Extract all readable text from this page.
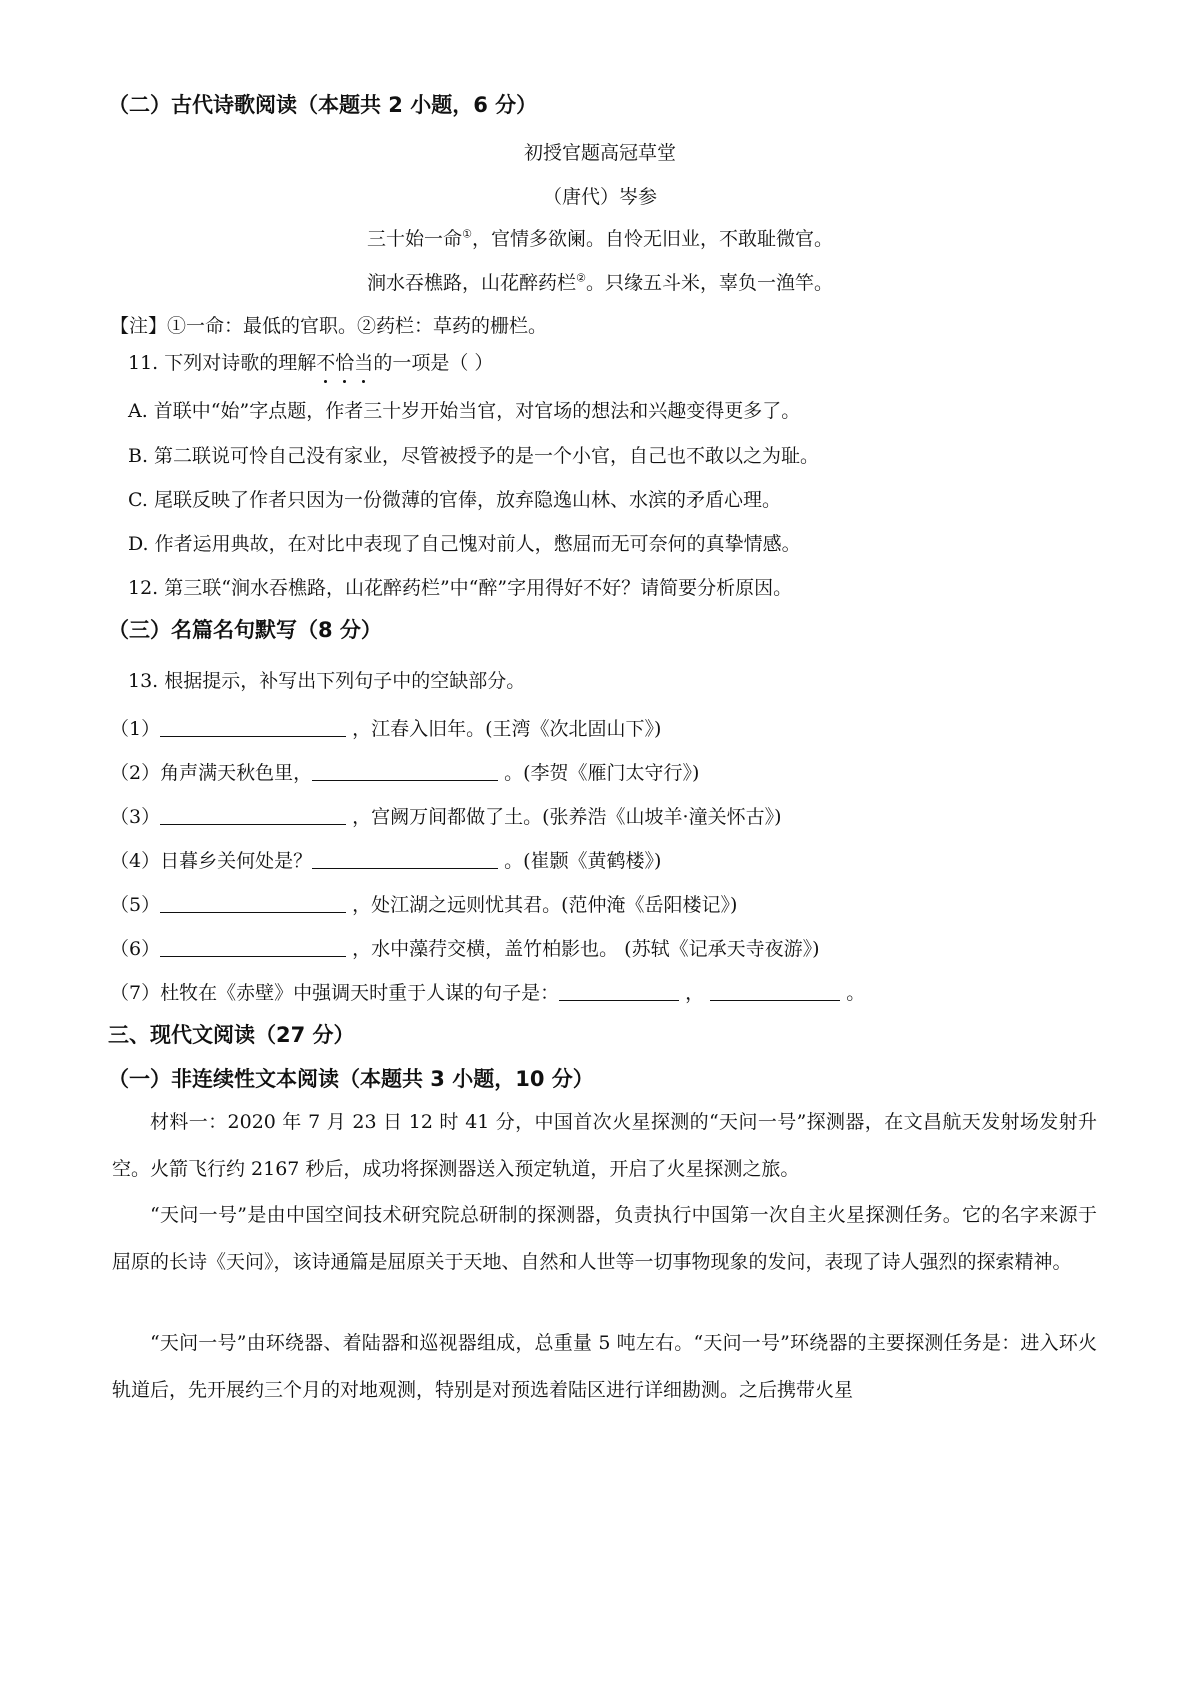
（二）古代诗歌阅读（本题共 2 小题，6 分）
初授官题高冠草堂
（唐代）岑参
三十始一命①，官情多欲阑。自怜无旧业，不敢耻微官。
涧水吞樵路，山花醉药栏②。只缘五斗米，辜负一渔竿。
【注】①一命：最低的官职。②药栏：草药的栅栏。
11. 下列对诗歌的理解不恰当的一项是（ ）
A. 首联中“始”字点题，作者三十岁开始当官，对官场的想法和兴趣变得更多了。
B. 第二联说可怜自己没有家业，尽管被授予的是一个小官，自己也不敢以之为耻。
C. 尾联反映了作者只因为一份微薄的官俸，放弃隐逸山林、水滨的矛盾心理。
D. 作者运用典故，在对比中表现了自己愧对前人，憋屈而无可奈何的真挚情感。
12. 第三联“涧水吞樵路，山花醉药栏”中“醉”字用得好不好？请简要分析原因。
（三）名篇名句默写（8 分）
13. 根据提示，补写出下列句子中的空缺部分。
（1）	，江春入旧年。(王湾《次北固山下》)
（2）角声满天秋色里，	。(李贺《雁门太守行》)
（3）	，宫阙万间都做了土。(张养浩《山坡羊·潼关怀古》)
（4）日暮乡关何处是？	。(崔颢《黄鹤楼》)
（5）	，处江湖之远则忧其君。(范仲淹《岳阳楼记》)
（6）	，水中藻荇交横，盖竹柏影也。 (苏轼《记承天寺夜游》)
（7）杜牧在《赤壁》中强调天时重于人谋的句子是：	，	。
三、现代文阅读（27 分）
（一）非连续性文本阅读（本题共 3 小题，10 分）

材料一：2020 年 7 月 23 日 12 时 41 分，中国首次火星探测的“天问一号”探测器，在文昌航天发射场发射升空。火箭飞行约 2167 秒后，成功将探测器送入预定轨道，开启了火星探测之旅。

“天问一号”是由中国空间技术研究院总研制的探测器，负责执行中国第一次自主火星探测任务。它的名字来源于屈原的长诗《天问》，该诗通篇是屈原关于天地、自然和人世等一切事物现象的发问，表现了诗人强烈的探索精神。

“天问一号”由环绕器、着陆器和巡视器组成，总重量 5 吨左右。“天问一号”环绕器的主要探测任务是：进入环火轨道后，先开展约三个月的对地观测，特别是对预选着陆区进行详细勘测。之后携带火星
